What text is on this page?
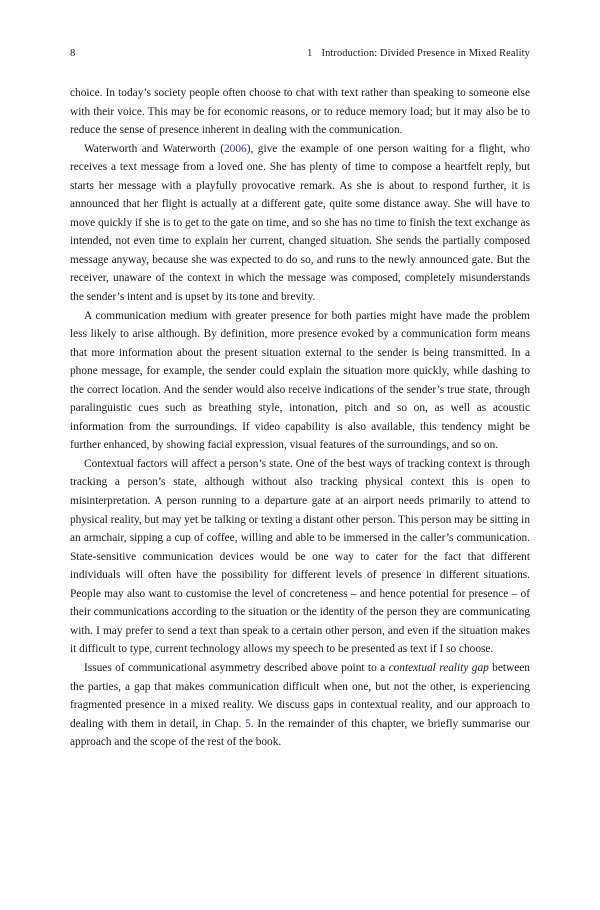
8	1 Introduction: Divided Presence in Mixed Reality

choice. In today’s society people often choose to chat with text rather than speaking to someone else with their voice. This may be for economic reasons, or to reduce memory load; but it may also be to reduce the sense of presence inherent in dealing with the communication.

Waterworth and Waterworth (2006), give the example of one person waiting for a flight, who receives a text message from a loved one. She has plenty of time to compose a heartfelt reply, but starts her message with a playfully provocative remark. As she is about to respond further, it is announced that her flight is actually at a different gate, quite some distance away. She will have to move quickly if she is to get to the gate on time, and so she has no time to finish the text exchange as intended, not even time to explain her current, changed situation. She sends the partially composed message anyway, because she was expected to do so, and runs to the newly announced gate. But the receiver, unaware of the context in which the message was composed, completely misunderstands the sender’s intent and is upset by its tone and brevity.

A communication medium with greater presence for both parties might have made the problem less likely to arise although. By definition, more presence evoked by a communication form means that more information about the present situation external to the sender is being transmitted. In a phone message, for example, the sender could explain the situation more quickly, while dashing to the correct location. And the sender would also receive indications of the sender’s true state, through paralinguistic cues such as breathing style, intonation, pitch and so on, as well as acoustic information from the surroundings. If video capability is also available, this tendency might be further enhanced, by showing facial expression, visual features of the surroundings, and so on.

Contextual factors will affect a person’s state. One of the best ways of tracking context is through tracking a person’s state, although without also tracking physical context this is open to misinterpretation. A person running to a departure gate at an airport needs primarily to attend to physical reality, but may yet be talking or texting a distant other person. This person may be sitting in an armchair, sipping a cup of coffee, willing and able to be immersed in the caller’s communication. State-sensitive communication devices would be one way to cater for the fact that different individuals will often have the possibility for different levels of presence in different situations. People may also want to customise the level of concreteness – and hence potential for presence – of their communications according to the situation or the identity of the person they are communicating with. I may prefer to send a text than speak to a certain other person, and even if the situation makes it difficult to type, current technology allows my speech to be presented as text if I so choose.

Issues of communicational asymmetry described above point to a contextual reality gap between the parties, a gap that makes communication difficult when one, but not the other, is experiencing fragmented presence in a mixed reality. We discuss gaps in contextual reality, and our approach to dealing with them in detail, in Chap. 5. In the remainder of this chapter, we briefly summarise our approach and the scope of the rest of the book.
